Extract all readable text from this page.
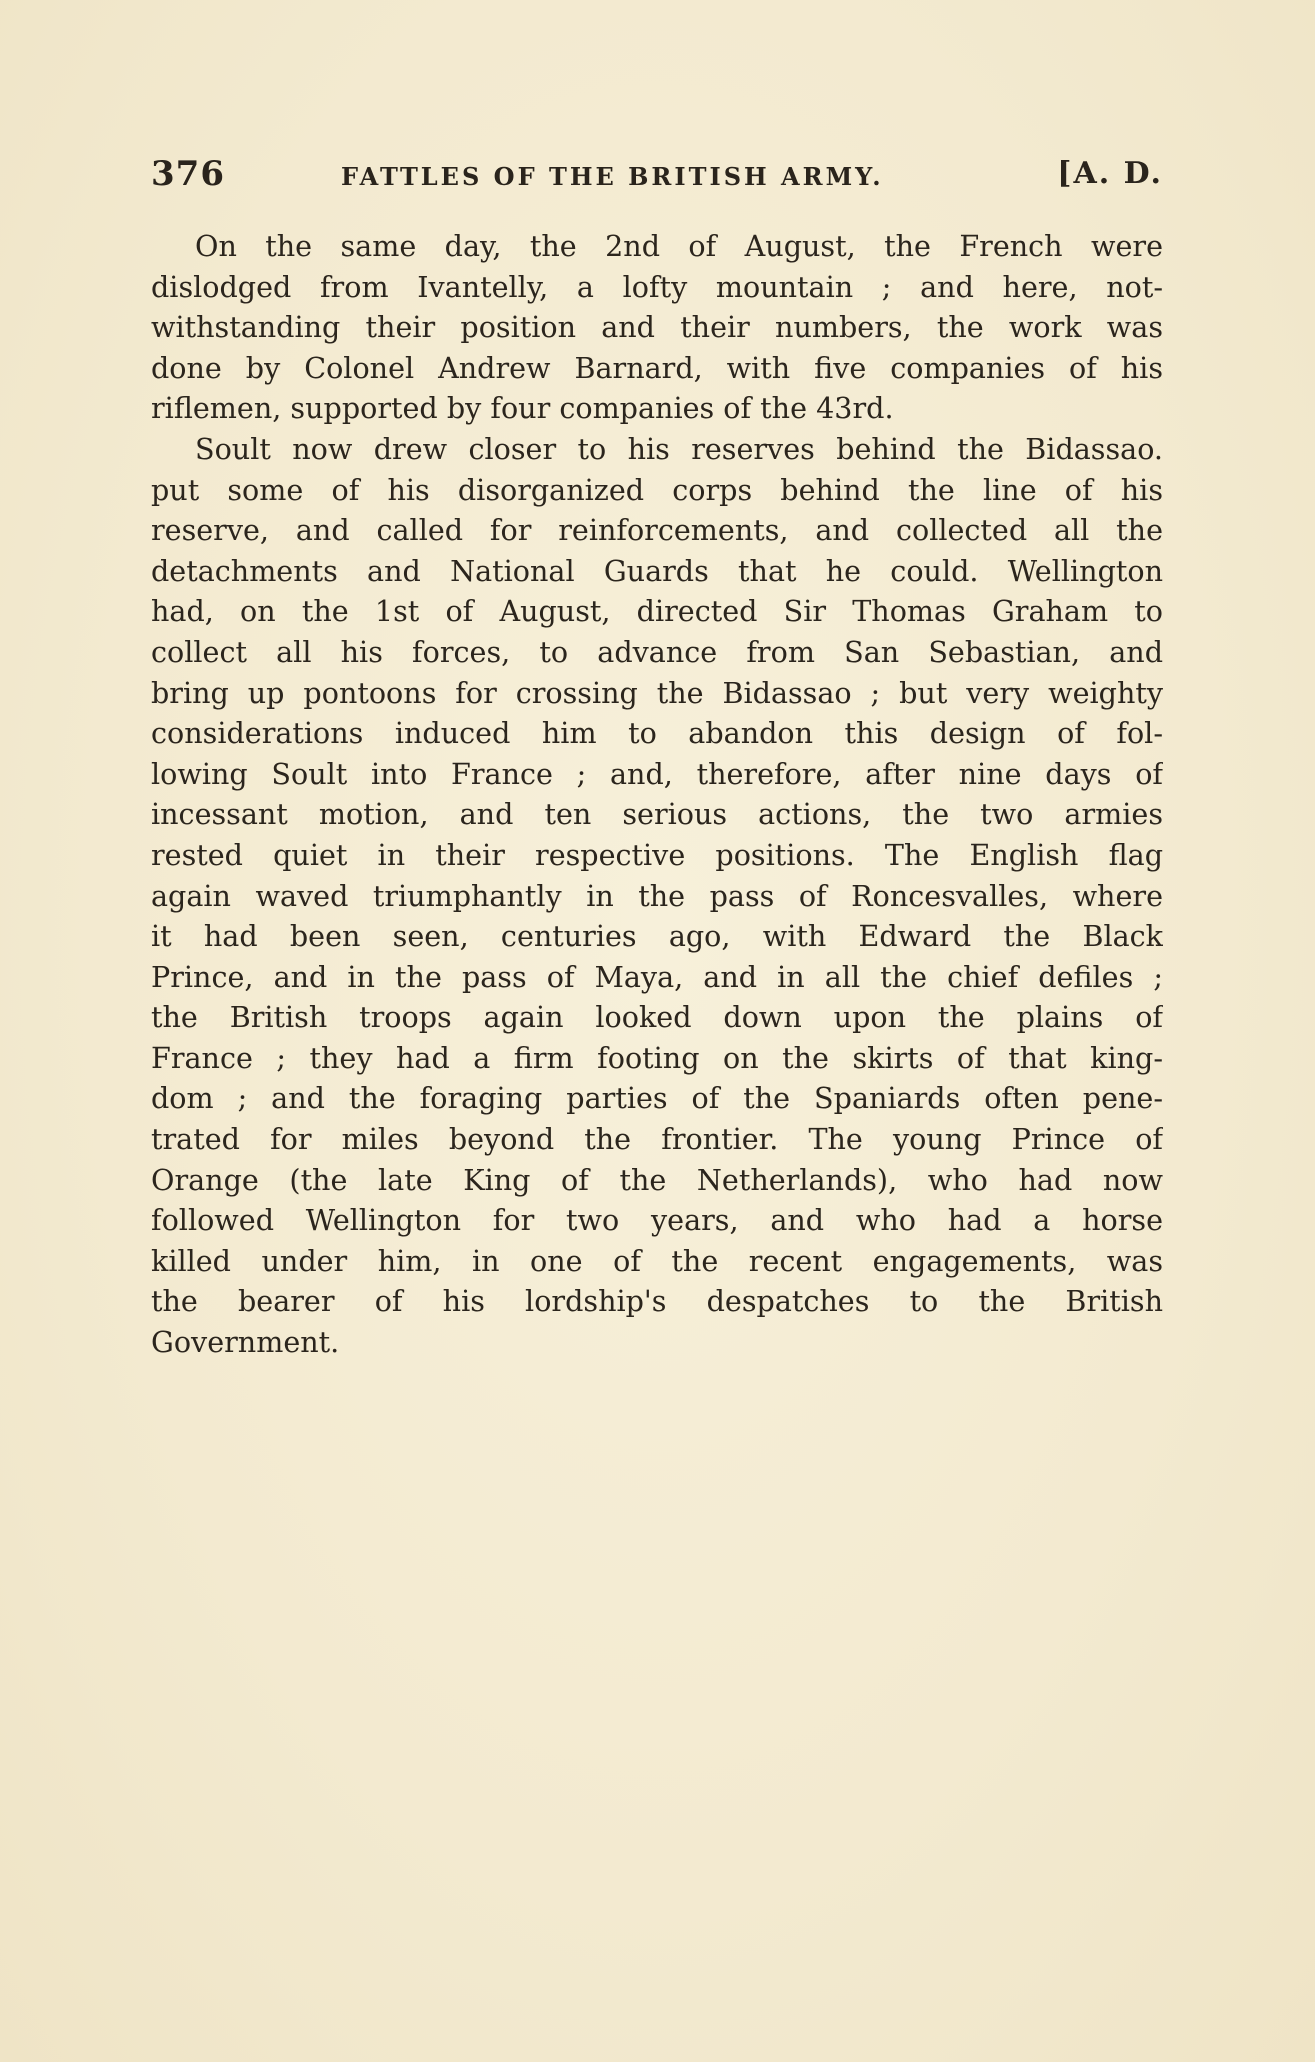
376	FATTLES OF THE BRITISH ARMY.	[A. D.
On the same day, the 2nd of August, the French were
dislodged from Ivantelly, a lofty mountain ; and here, not-
withstanding their position and their numbers, the work was
done by Colonel Andrew Barnard, with five companies of his
riflemen, supported by four companies of the 43rd.
Soult now drew closer to his reserves behind the Bidassao.
put some of his disorganized corps behind the line of his
reserve, and called for reinforcements, and collected all the
detachments and National Guards that he could. Wellington
had, on the 1st of August, directed Sir Thomas Graham to
collect all his forces, to advance from San Sebastian, and
bring up pontoons for crossing the Bidassao ; but very weighty
considerations induced him to abandon this design of fol-
lowing Soult into France ; and, therefore, after nine days of
incessant motion, and ten serious actions, the two armies
rested quiet in their respective positions. The English flag
again waved triumphantly in the pass of Roncesvalles, where
it had been seen, centuries ago, with Edward the Black
Prince, and in the pass of Maya, and in all the chief defiles ;
the British troops again looked down upon the plains of
France ; they had a firm footing on the skirts of that king-
dom ; and the foraging parties of the Spaniards often pene-
trated for miles beyond the frontier. The young Prince of
Orange (the late King of the Netherlands), who had now
followed Wellington for two years, and who had a horse
killed under him, in one of the recent engagements, was
the bearer of his lordship's despatches to the British
Government.
